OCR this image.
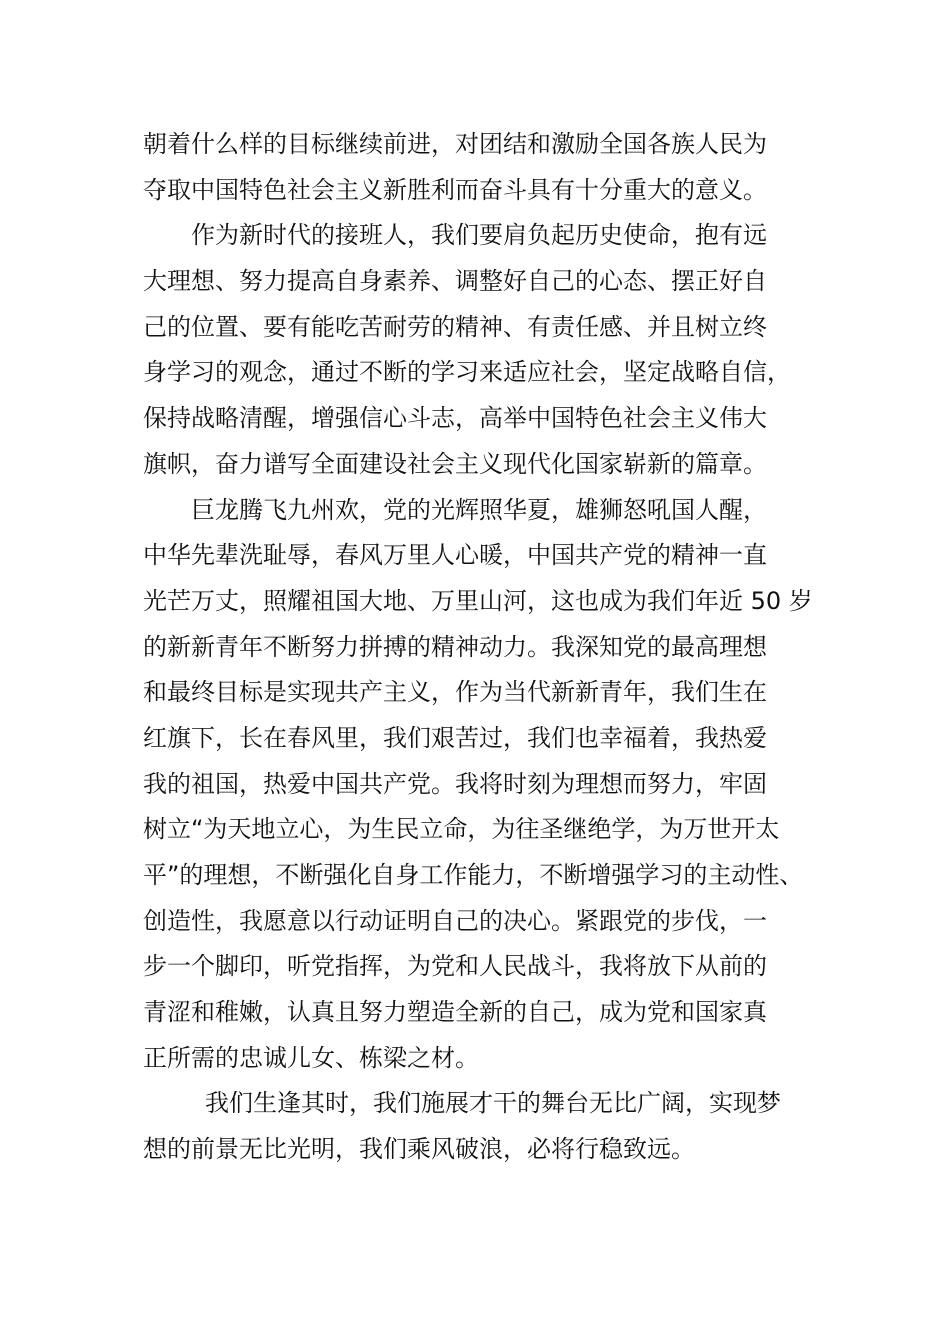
朝着什么样的目标继续前进，对团结和激励全国各族人民为
夺取中国特色社会主义新胜利而奋斗具有十分重大的意义。
作为新时代的接班人，我们要肩负起历史使命，抱有远
大理想、努力提高自身素养、调整好自己的心态、摆正好自
己的位置、要有能吃苦耐劳的精神、有责任感、并且树立终
身学习的观念，通过不断的学习来适应社会，坚定战略自信，
保持战略清醒，增强信心斗志，高举中国特色社会主义伟大
旗帜，奋力谱写全面建设社会主义现代化国家崭新的篇章。
巨龙腾飞九州欢，党的光辉照华夏，雄狮怒吼国人醒，
中华先辈洗耻辱，春风万里人心暖，中国共产党的精神一直
光芒万丈，照耀祖国大地、万里山河，这也成为我们年近 50 岁
的新新青年不断努力拼搏的精神动力。我深知党的最高理想
和最终目标是实现共产主义，作为当代新新青年，我们生在
红旗下，长在春风里，我们艰苦过，我们也幸福着，我热爱
我的祖国，热爱中国共产党。我将时刻为理想而努力，牢固
树立“为天地立心，为生民立命，为往圣继绝学，为万世开太
平”的理想，不断强化自身工作能力，不断增强学习的主动性、
创造性，我愿意以行动证明自己的决心。紧跟党的步伐，一
步一个脚印，听党指挥，为党和人民战斗，我将放下从前的
青涩和稚嫩，认真且努力塑造全新的自己，成为党和国家真
正所需的忠诚儿女、栋梁之材。
我们生逢其时，我们施展才干的舞台无比广阔，实现梦
想的前景无比光明，我们乘风破浪，必将行稳致远。
